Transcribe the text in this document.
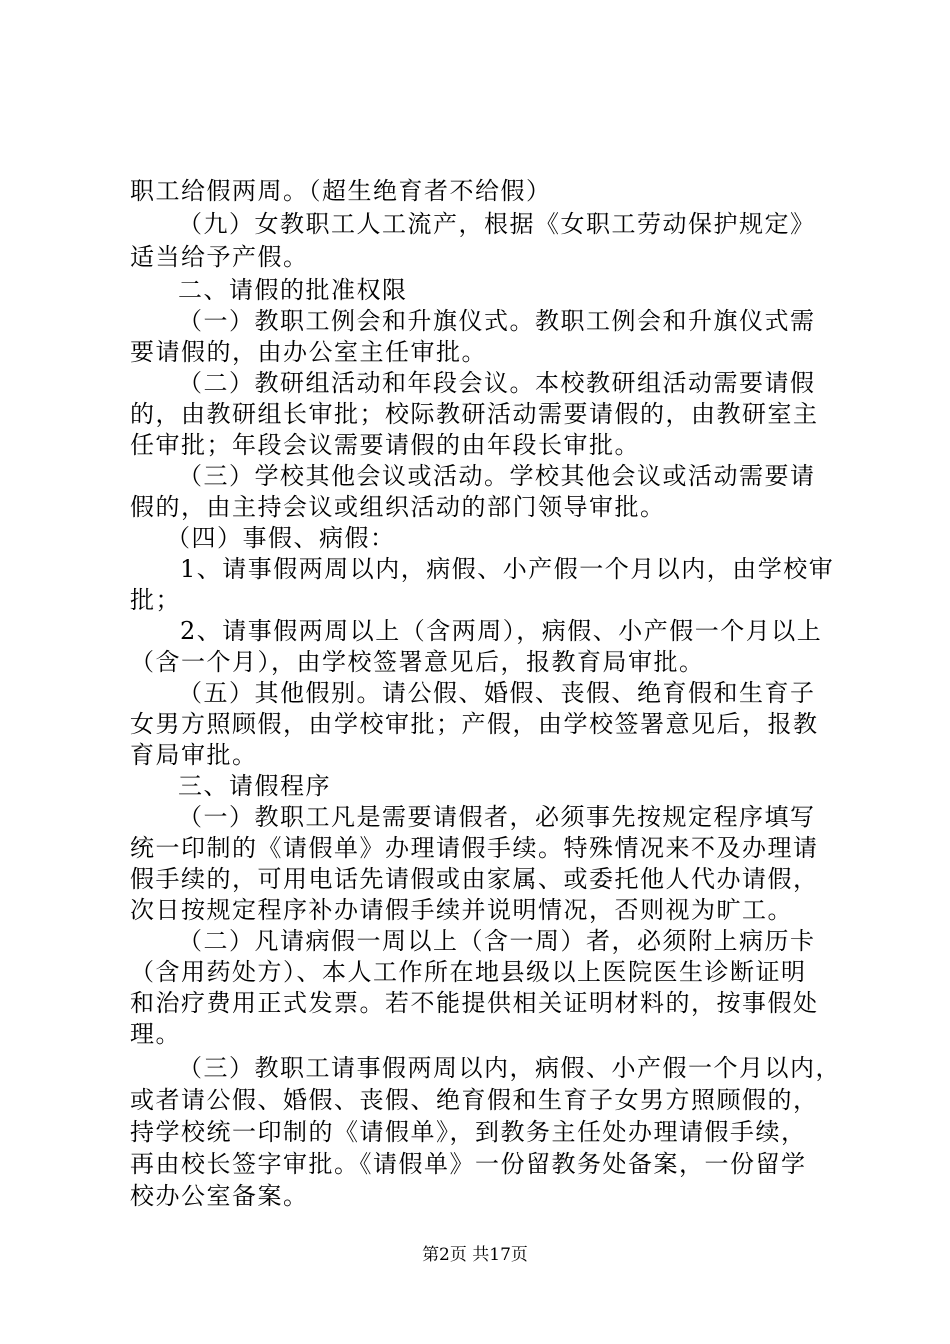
职工给假两周。（超生绝育者不给假）
（九）女教职工人工流产，根据《女职工劳动保护规定》
适当给予产假。
二、请假的批准权限
（一）教职工例会和升旗仪式。教职工例会和升旗仪式需
要请假的，由办公室主任审批。
（二）教研组活动和年段会议。本校教研组活动需要请假
的，由教研组长审批；校际教研活动需要请假的，由教研室主
任审批；年段会议需要请假的由年段长审批。
（三）学校其他会议或活动。学校其他会议或活动需要请
假的，由主持会议或组织活动的部门领导审批。
（四）事假、病假：
1、请事假两周以内，病假、小产假一个月以内，由学校审
批；
2、请事假两周以上（含两周），病假、小产假一个月以上
（含一个月），由学校签署意见后，报教育局审批。
（五）其他假别。请公假、婚假、丧假、绝育假和生育子
女男方照顾假，由学校审批；产假，由学校签署意见后，报教
育局审批。
三、请假程序
（一）教职工凡是需要请假者，必须事先按规定程序填写
统一印制的《请假单》办理请假手续。特殊情况来不及办理请
假手续的，可用电话先请假或由家属、或委托他人代办请假，
次日按规定程序补办请假手续并说明情况，否则视为旷工。
（二）凡请病假一周以上（含一周）者，必须附上病历卡
（含用药处方）、本人工作所在地县级以上医院医生诊断证明
和治疗费用正式发票。若不能提供相关证明材料的，按事假处
理。
（三）教职工请事假两周以内，病假、小产假一个月以内，
或者请公假、婚假、丧假、绝育假和生育子女男方照顾假的，
持学校统一印制的《请假单》，到教务主任处办理请假手续，
再由校长签字审批。《请假单》一份留教务处备案，一份留学
校办公室备案。
第2页 共17页
